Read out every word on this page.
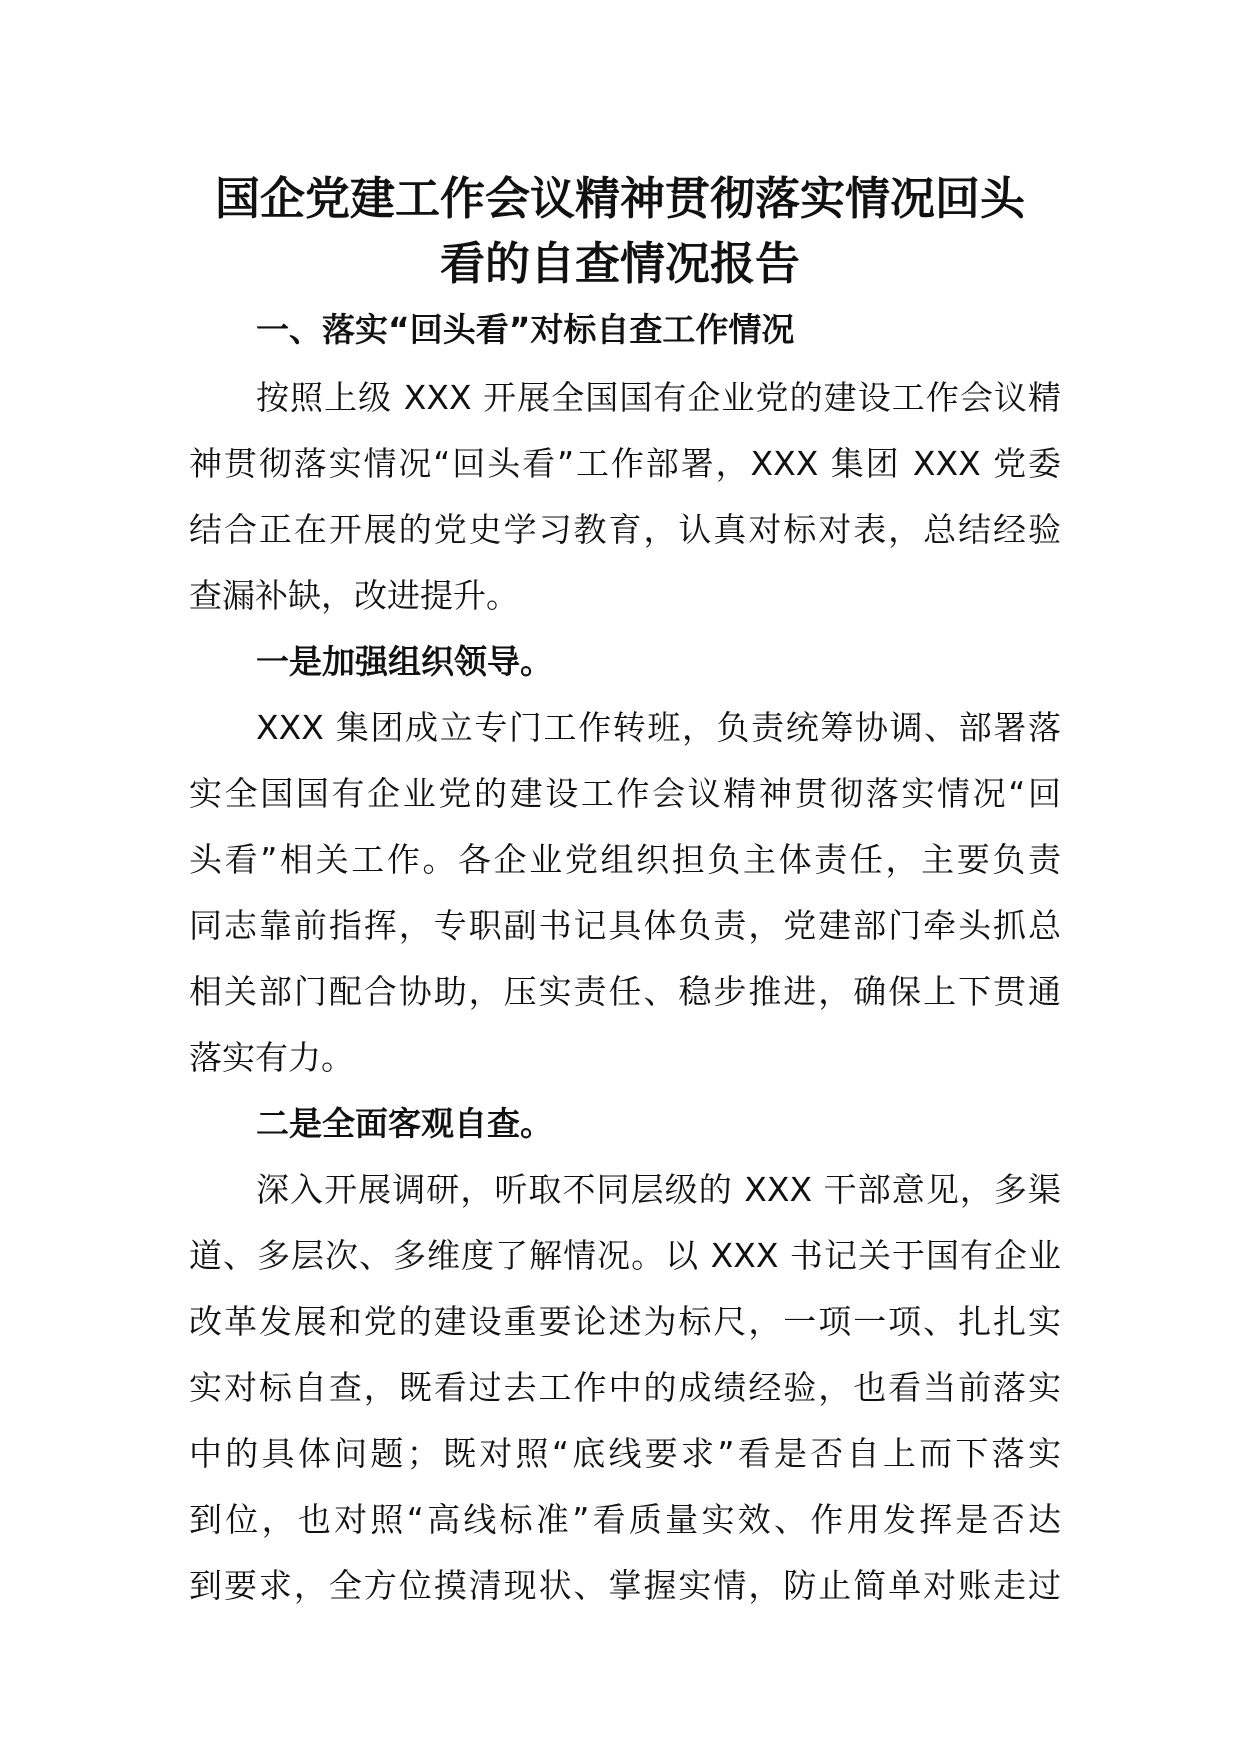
国企党建工作会议精神贯彻落实情况回头
看的自查情况报告

一、落实“回头看”对标自查工作情况

按照上级 XXX 开展全国国有企业党的建设工作会议精

神贯彻落实情况“回头看”工作部署，XXX 集团 XXX 党委

结合正在开展的党史学习教育，认真对标对表，总结经验

查漏补缺，改进提升。

一是加强组织领导。

XXX 集团成立专门工作转班，负责统筹协调、部署落

实全国国有企业党的建设工作会议精神贯彻落实情况“回

头看”相关工作。各企业党组织担负主体责任，主要负责

同志靠前指挥，专职副书记具体负责，党建部门牵头抓总

相关部门配合协助，压实责任、稳步推进，确保上下贯通

落实有力。

二是全面客观自查。

深入开展调研，听取不同层级的 XXX 干部意见，多渠

道、多层次、多维度了解情况。以 XXX 书记关于国有企业

改革发展和党的建设重要论述为标尺，一项一项、扎扎实

实对标自查，既看过去工作中的成绩经验，也看当前落实

中的具体问题；既对照“底线要求”看是否自上而下落实

到位，也对照“高线标准”看质量实效、作用发挥是否达

到要求，全方位摸清现状、掌握实情，防止简单对账走过
